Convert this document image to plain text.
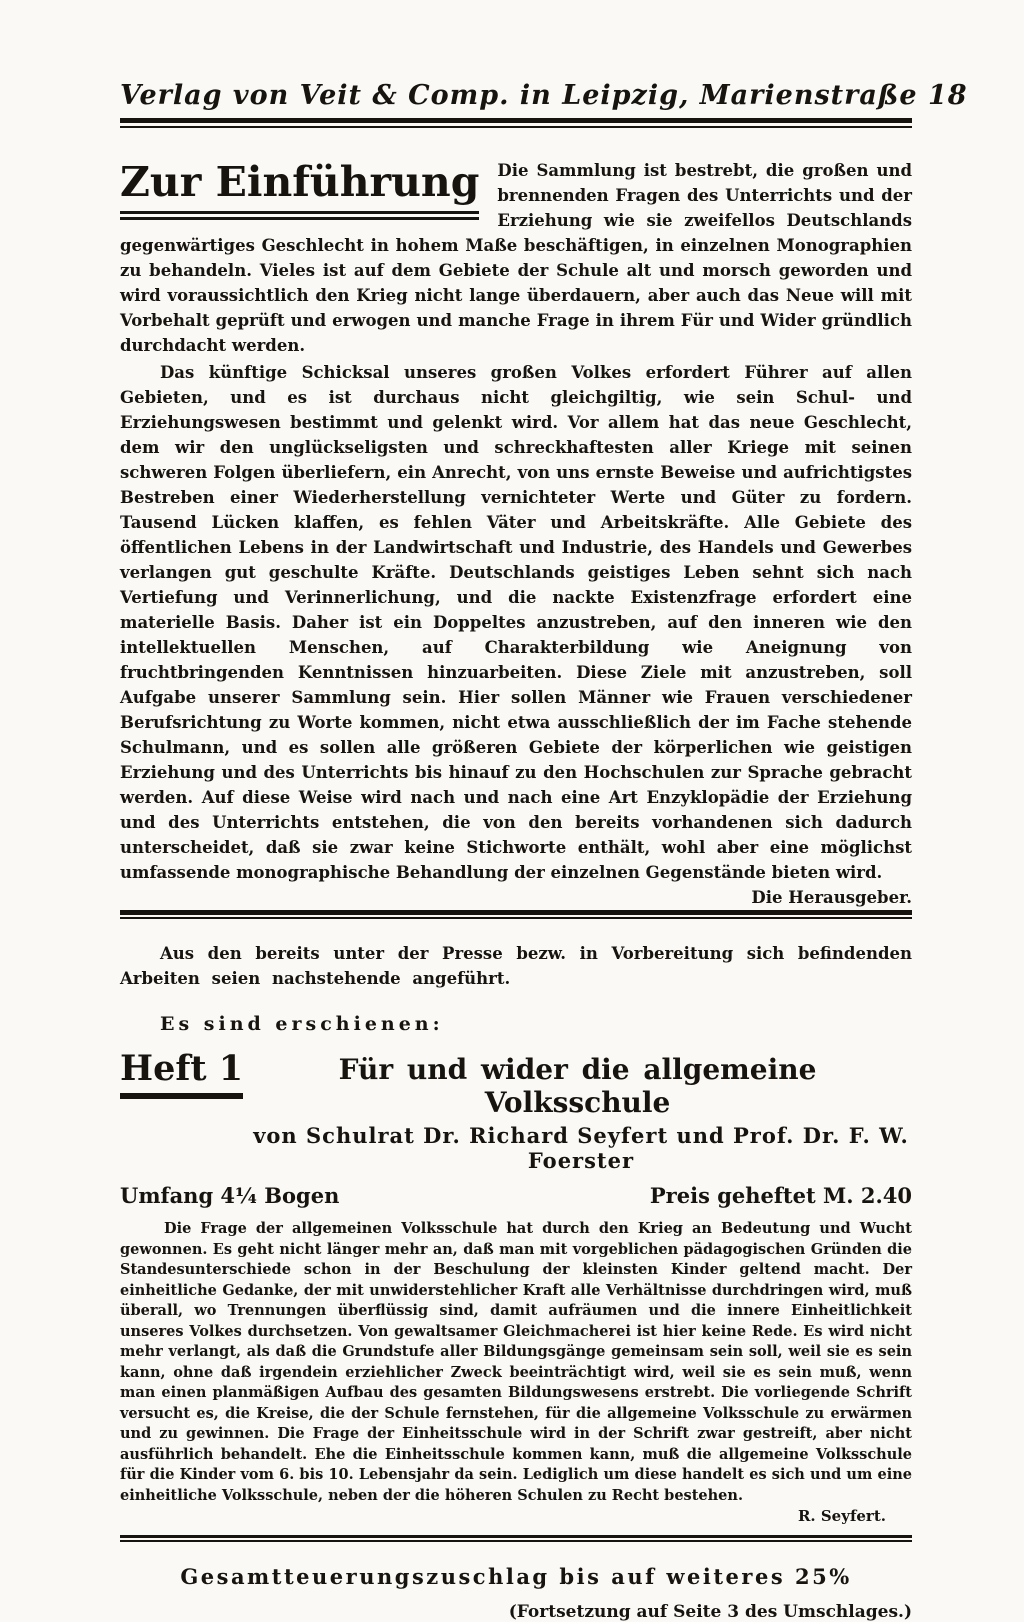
Verlag von Veit & Comp. in Leipzig, Marienstraße 18
Zur Einführung	Die Sammlung ist bestrebt, die großen und brennenden Fragen des Unterrichts und der Erziehung wie sie zweifellos Deutschlands gegenwärtiges Geschlecht in hohem Maße beschäftigen, in einzelnen Monographien zu behandeln. Vieles ist auf dem Gebiete der Schule alt und morsch geworden und wird voraussichtlich den Krieg nicht lange überdauern, aber auch das Neue will mit Vorbehalt geprüft und erwogen und manche Frage in ihrem Für und Wider gründlich durchdacht werden.

Das künftige Schicksal unseres großen Volkes erfordert Führer auf allen Gebieten, und es ist durchaus nicht gleichgiltig, wie sein Schul- und Erziehungswesen bestimmt und gelenkt wird. Vor allem hat das neue Geschlecht, dem wir den unglückseligsten und schreckhaftesten aller Kriege mit seinen schweren Folgen überliefern, ein Anrecht, von uns ernste Beweise und aufrichtigstes Bestreben einer Wiederherstellung vernichteter Werte und Güter zu fordern. Tausend Lücken klaffen, es fehlen Väter und Arbeitskräfte. Alle Gebiete des öffentlichen Lebens in der Landwirtschaft und Industrie, des Handels und Gewerbes verlangen gut geschulte Kräfte. Deutschlands geistiges Leben sehnt sich nach Vertiefung und Verinnerlichung, und die nackte Existenzfrage erfordert eine materielle Basis. Daher ist ein Doppeltes anzustreben, auf den inneren wie den intellektuellen Menschen, auf Charakterbildung wie Aneignung von fruchtbringenden Kenntnissen hinzuarbeiten. Diese Ziele mit anzustreben, soll Aufgabe unserer Sammlung sein. Hier sollen Männer wie Frauen verschiedener Berufsrichtung zu Worte kommen, nicht etwa ausschließlich der im Fache stehende Schulmann, und es sollen alle größeren Gebiete der körperlichen wie geistigen Erziehung und des Unterrichts bis hinauf zu den Hochschulen zur Sprache gebracht werden. Auf diese Weise wird nach und nach eine Art Enzyklopädie der Erziehung und des Unterrichts entstehen, die von den bereits vorhandenen sich dadurch unterscheidet, daß sie zwar keine Stichworte enthält, wohl aber eine möglichst umfassende monographische Behandlung der einzelnen Gegenstände bieten wird.
Die Herausgeber.

Aus den bereits unter der Presse bezw. in Vorbereitung sich befindenden Arbeiten seien nachstehende angeführt.

Es sind erschienen:

Heft 1	Für und wider die allgemeine Volksschule
von Schulrat Dr. Richard Seyfert und Prof. Dr. F. W. Foerster
Umfang 4¹⁄₄ Bogen	Preis geheftet M. 2.40

Die Frage der allgemeinen Volksschule hat durch den Krieg an Bedeutung und Wucht gewonnen. Es geht nicht länger mehr an, daß man mit vorgeblichen pädagogischen Gründen die Standesunterschiede schon in der Beschulung der kleinsten Kinder geltend macht. Der einheitliche Gedanke, der mit unwiderstehlicher Kraft alle Verhältnisse durchdringen wird, muß überall, wo Trennungen überflüssig sind, damit aufräumen und die innere Einheitlichkeit unseres Volkes durchsetzen. Von gewaltsamer Gleichmacherei ist hier keine Rede. Es wird nicht mehr verlangt, als daß die Grundstufe aller Bildungsgänge gemeinsam sein soll, weil sie es sein kann, ohne daß irgendein erziehlicher Zweck beeinträchtigt wird, weil sie es sein muß, wenn man einen planmäßigen Aufbau des gesamten Bildungswesens erstrebt. Die vorliegende Schrift versucht es, die Kreise, die der Schule fernstehen, für die allgemeine Volksschule zu erwärmen und zu gewinnen. Die Frage der Einheitsschule wird in der Schrift zwar gestreift, aber nicht ausführlich behandelt. Ehe die Einheitsschule kommen kann, muß die allgemeine Volksschule für die Kinder vom 6. bis 10. Lebensjahr da sein. Lediglich um diese handelt es sich und um eine einheitliche Volksschule, neben der die höheren Schulen zu Recht bestehen.

R. Seyfert.

Gesamtteuerungszuschlag bis auf weiteres 25%
(Fortsetzung auf Seite 3 des Umschlages.)
